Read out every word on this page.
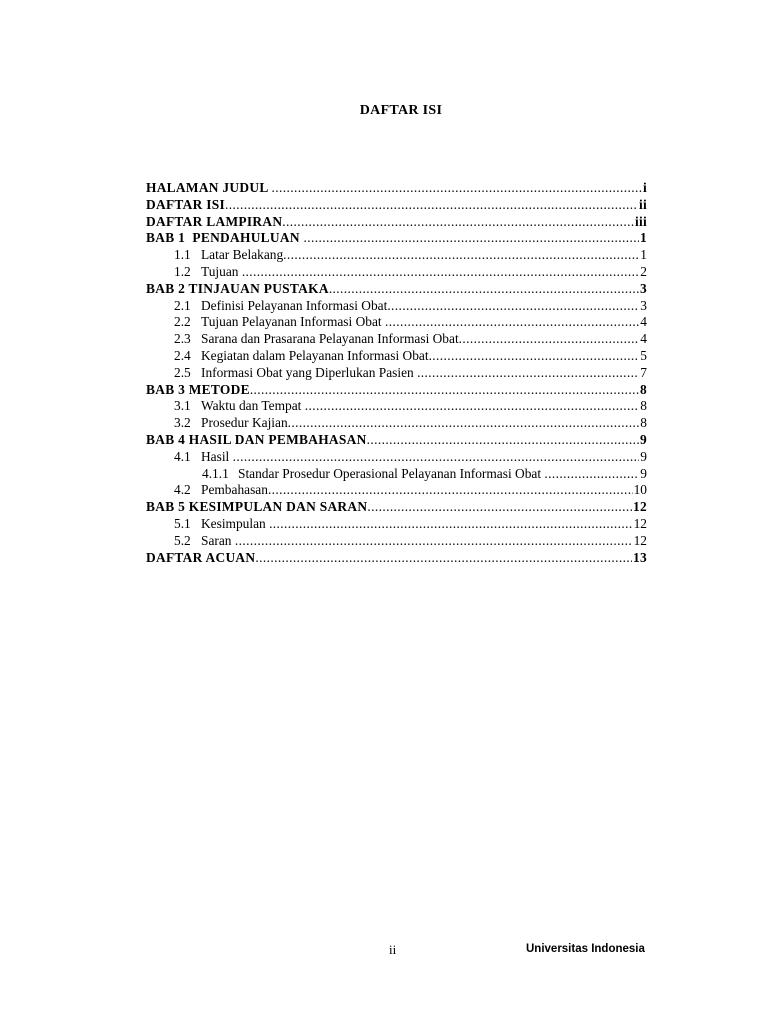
DAFTAR ISI
HALAMAN JUDUL .....	i
DAFTAR ISI .....	ii
DAFTAR LAMPIRAN .....	iii
BAB 1  PENDAHULUAN .....	1
1.1 Latar Belakang .....	1
1.2 Tujuan .....	2
BAB 2 TINJAUAN PUSTAKA .....	3
2.1 Definisi Pelayanan Informasi Obat .....	3
2.2 Tujuan Pelayanan Informasi Obat .....	4
2.3 Sarana dan Prasarana Pelayanan Informasi Obat .....	4
2.4 Kegiatan dalam Pelayanan Informasi Obat .....	5
2.5 Informasi Obat yang Diperlukan Pasien .....	7
BAB 3 METODE .....	8
3.1 Waktu dan Tempat .....	8
3.2 Prosedur Kajian .....	8
BAB 4 HASIL DAN PEMBAHASAN .....	9
4.1 Hasil .....	9
4.1.1 Standar Prosedur Operasional Pelayanan Informasi Obat .....	9
4.2 Pembahasan .....	10
BAB 5 KESIMPULAN DAN SARAN .....	12
5.1 Kesimpulan .....	12
5.2 Saran .....	12
DAFTAR ACUAN .....	13
ii	Universitas Indonesia
